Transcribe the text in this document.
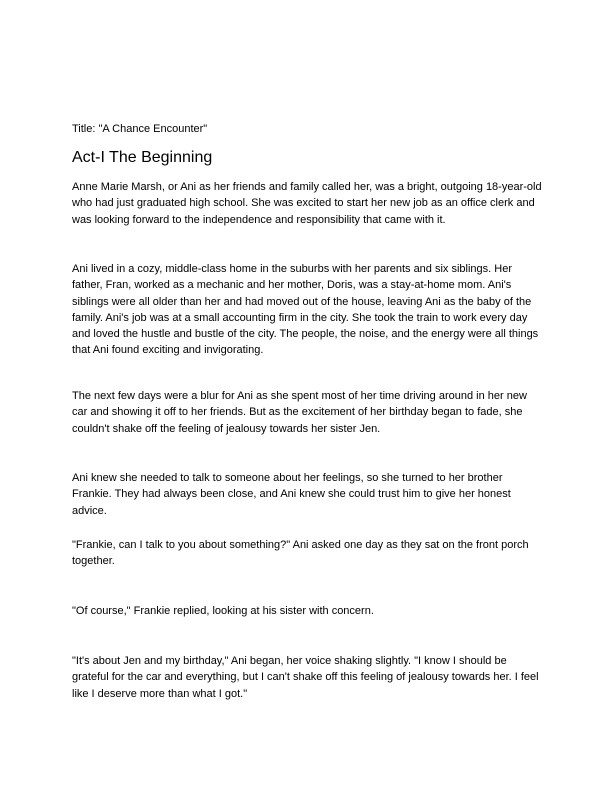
Title: "A Chance Encounter"
Act-I The Beginning

Anne Marie Marsh, or Ani as her friends and family called her, was a bright, outgoing 18-year-old who had just graduated high school. She was excited to start her new job as an office clerk and was looking forward to the independence and responsibility that came with it.

Ani lived in a cozy, middle-class home in the suburbs with her parents and six siblings. Her father, Fran, worked as a mechanic and her mother, Doris, was a stay-at-home mom. Ani's siblings were all older than her and had moved out of the house, leaving Ani as the baby of the family. Ani's job was at a small accounting firm in the city. She took the train to work every day and loved the hustle and bustle of the city. The people, the noise, and the energy were all things that Ani found exciting and invigorating.

The next few days were a blur for Ani as she spent most of her time driving around in her new car and showing it off to her friends. But as the excitement of her birthday began to fade, she couldn't shake off the feeling of jealousy towards her sister Jen.

Ani knew she needed to talk to someone about her feelings, so she turned to her brother Frankie. They had always been close, and Ani knew she could trust him to give her honest advice.

"Frankie, can I talk to you about something?" Ani asked one day as they sat on the front porch together.

"Of course," Frankie replied, looking at his sister with concern.

"It's about Jen and my birthday," Ani began, her voice shaking slightly. "I know I should be grateful for the car and everything, but I can't shake off this feeling of jealousy towards her. I feel like I deserve more than what I got."
